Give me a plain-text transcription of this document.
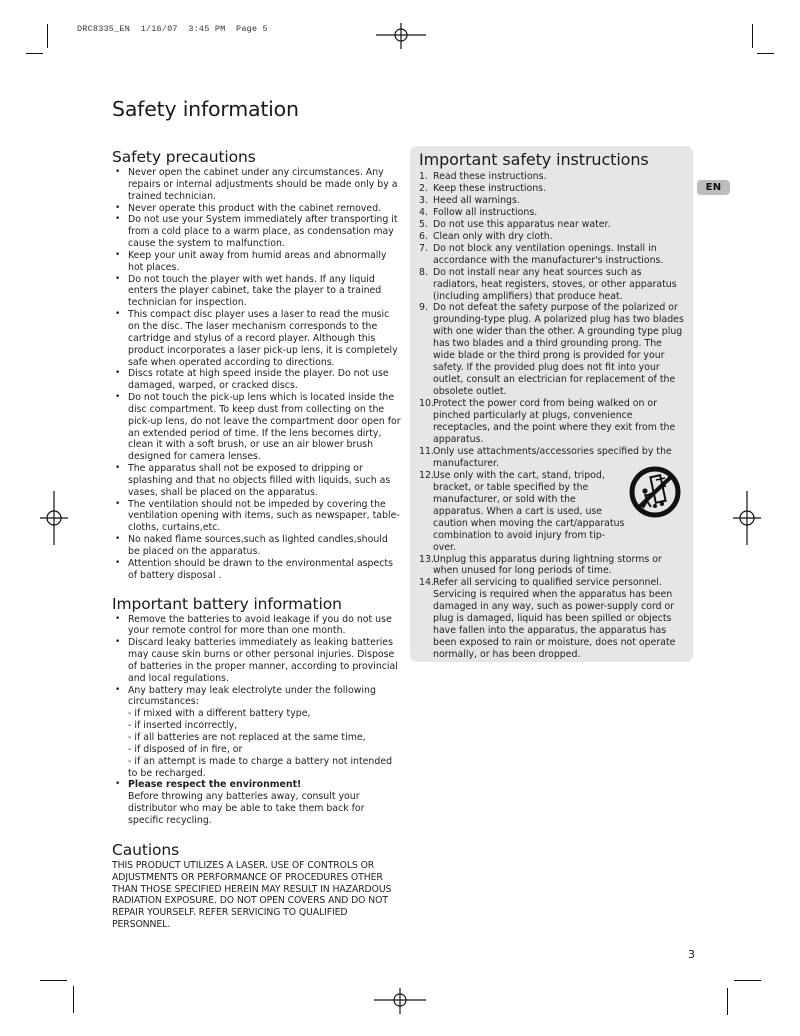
DRC8335_EN  1/16/07  3:45 PM  Page 5
Safety information
Safety precautions
• Never open the cabinet under any circumstances. Any repairs or internal adjustments should be made only by a trained technician.
• Never operate this product with the cabinet removed.
• Do not use your System immediately after transporting it from a cold place to a warm place, as condensation may cause the system to malfunction.
• Keep your unit away from humid areas and abnormally hot places.
• Do not touch the player with wet hands. If any liquid enters the player cabinet, take the player to a trained technician for inspection.
• This compact disc player uses a laser to read the music on the disc. The laser mechanism corresponds to the cartridge and stylus of a record player. Although this product incorporates a laser pick-up lens, it is completely safe when operated according to directions.
• Discs rotate at high speed inside the player. Do not use damaged, warped, or cracked discs.
• Do not touch the pick-up lens which is located inside the disc compartment. To keep dust from collecting on the pick-up lens, do not leave the compartment door open for an extended period of time. If the lens becomes dirty, clean it with a soft brush, or use an air blower brush designed for camera lenses.
• The apparatus shall not be exposed to dripping or splashing and that no objects filled with liquids, such as vases, shall be placed on the apparatus.
• The ventilation should not be impeded by covering the ventilation opening with items, such as newspaper, table-cloths, curtains,etc.
• No naked flame sources,such as lighted candles,should be placed on the apparatus.
• Attention should be drawn to the environmental aspects of battery disposal .
Important battery information
• Remove the batteries to avoid leakage if you do not use your remote control for more than one month.
• Discard leaky batteries immediately as leaking batteries may cause skin burns or other personal injuries. Dispose of batteries in the proper manner, according to provincial and local regulations.
• Any battery may leak electrolyte under the following circumstances:
- if mixed with a different battery type,
- if inserted incorrectly,
- if all batteries are not replaced at the same time,
- if disposed of in fire, or
- if an attempt is made to charge a battery not intended to be recharged.
• Please respect the environment!
Before throwing any batteries away, consult your distributor who may be able to take them back for specific recycling.
Cautions

THIS PRODUCT UTILIZES A LASER. USE OF CONTROLS OR ADJUSTMENTS OR PERFORMANCE OF PROCEDURES OTHER THAN THOSE SPECIFIED HEREIN MAY RESULT IN HAZARDOUS RADIATION EXPOSURE. DO NOT OPEN COVERS AND DO NOT REPAIR YOURSELF. REFER SERVICING TO QUALIFIED PERSONNEL.

Important safety instructions
1. Read these instructions.
2. Keep these instructions.
3. Heed all warnings.
4. Follow all instructions.
5. Do not use this apparatus near water.
6. Clean only with dry cloth.
7. Do not block any ventilation openings. Install in accordance with the manufacturer's instructions.
8. Do not install near any heat sources such as radiators, heat registers, stoves, or other apparatus (including amplifiers) that produce heat.
9. Do not defeat the safety purpose of the polarized or grounding-type plug. A polarized plug has two blades with one wider than the other. A grounding type plug has two blades and a third grounding prong. The wide blade or the third prong is provided for your safety. If the provided plug does not fit into your outlet, consult an electrician for replacement of the obsolete outlet.
10. Protect the power cord from being walked on or pinched particularly at plugs, convenience receptacles, and the point where they exit from the apparatus.
11. Only use attachments/accessories specified by the manufacturer.
12. Use only with the cart, stand, tripod, bracket, or table specified by the manufacturer, or sold with the apparatus. When a cart is used, use caution when moving the cart/apparatus combination to avoid injury from tip-over.
13. Unplug this apparatus during lightning storms or when unused for long periods of time.
14. Refer all servicing to qualified service personnel. Servicing is required when the apparatus has been damaged in any way, such as power-supply cord or plug is damaged, liquid has been spilled or objects have fallen into the apparatus, the apparatus has been exposed to rain or moisture, does not operate normally, or has been dropped.
EN
3
